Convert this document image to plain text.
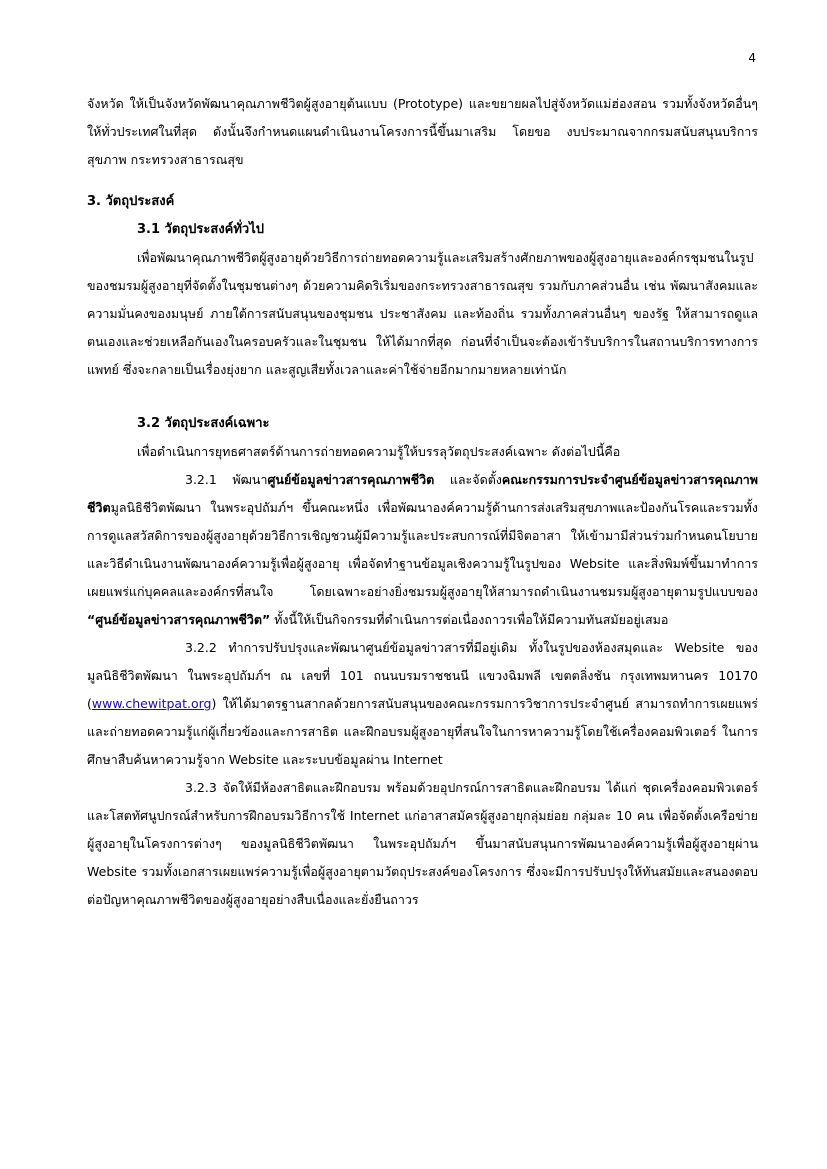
4

จังหวัด ให้เป็นจังหวัดพัฒนาคุณภาพชีวิตผู้สูงอายุต้นแบบ (Prototype) และขยายผลไปสู่จังหวัดแม่ฮ่องสอน รวมทั้งจังหวัดอื่นๆ ให้ทั่วประเทศในที่สุด ดังนั้นจึงกำหนดแผนดำเนินงานโครงการนี้ขึ้นมาเสริม โดยขอ งบประมาณจากกรมสนับสนุนบริการสุขภาพ กระทรวงสาธารณสุข

3. วัตถุประสงค์
3.1 วัตถุประสงค์ทั่วไป

เพื่อพัฒนาคุณภาพชีวิตผู้สูงอายุด้วยวิธีการถ่ายทอดความรู้และเสริมสร้างศักยภาพของผู้สูงอายุและองค์กรชุมชนในรูปของชมรมผู้สูงอายุที่จัดตั้งในชุมชนต่างๆ ด้วยความคิดริเริ่มของกระทรวงสาธารณสุข รวมกับภาคส่วนอื่น เช่น พัฒนาสังคมและความมั่นคงของมนุษย์ ภายใต้การสนับสนุนของชุมชน ประชาสังคม และท้องถิ่น รวมทั้งภาคส่วนอื่นๆ ของรัฐ ให้สามารถดูแลตนเองและช่วยเหลือกันเองในครอบครัวและในชุมชน ให้ได้มากที่สุด ก่อนที่จำเป็นจะต้องเข้ารับบริการในสถานบริการทางการแพทย์ ซึ่งจะกลายเป็นเรื่องยุ่งยาก และสูญเสียทั้งเวลาและค่าใช้จ่ายอีกมากมายหลายเท่านัก

3.2 วัตถุประสงค์เฉพาะ

เพื่อดำเนินการยุทธศาสตร์ด้านการถ่ายทอดความรู้ให้บรรลุวัตถุประสงค์เฉพาะ ดังต่อไปนี้คือ

3.2.1 พัฒนาศูนย์ข้อมูลข่าวสารคุณภาพชีวิต และจัดตั้งคณะกรรมการประจำศูนย์ข้อมูลข่าวสารคุณภาพชีวิตมูลนิธิชีวิตพัฒนา ในพระอุปถัมภ์ฯ ขึ้นคณะหนึ่ง เพื่อพัฒนาองค์ความรู้ด้านการส่งเสริมสุขภาพและป้องกันโรคและรวมทั้งการดูแลสวัสดิการของผู้สูงอายุด้วยวิธีการเชิญชวนผู้มีความรู้และประสบการณ์ที่มีจิตอาสา ให้เข้ามามีส่วนร่วมกำหนดนโยบายและวิธีดำเนินงานพัฒนาองค์ความรู้เพื่อผู้สูงอายุ เพื่อจัดทำฐานข้อมูลเชิงความรู้ในรูปของ Website และสิ่งพิมพ์ขึ้นมาทำการเผยแพร่แก่บุคคลและองค์กรที่สนใจ โดยเฉพาะอย่างยิ่งชมรมผู้สูงอายุให้สามารถดำเนินงานชมรมผู้สูงอายุตามรูปแบบของ “ศูนย์ข้อมูลข่าวสารคุณภาพชีวิต” ทั้งนี้ให้เป็นกิจกรรมที่ดำเนินการต่อเนื่องถาวรเพื่อให้มีความทันสมัยอยู่เสมอ

3.2.2 ทำการปรับปรุงและพัฒนาศูนย์ข้อมูลข่าวสารที่มีอยู่เดิม ทั้งในรูปของห้องสมุดและ Website ของมูลนิธิชีวิตพัฒนา ในพระอุปถัมภ์ฯ ณ เลขที่ 101 ถนนบรมราชชนนี แขวงฉิมพลี เขตตลิ่งชัน กรุงเทพมหานคร 10170 (www.chewitpat.org) ให้ได้มาตรฐานสากลด้วยการสนับสนุนของคณะกรรมการวิชาการประจำศูนย์ สามารถทำการเผยแพร่และถ่ายทอดความรู้แก่ผู้เกี่ยวข้องและการสาธิต และฝึกอบรมผู้สูงอายุที่สนใจในการหาความรู้โดยใช้เครื่องคอมพิวเตอร์ ในการศึกษาสืบค้นหาความรู้จาก Website และระบบข้อมูลผ่าน Internet

3.2.3 จัดให้มีห้องสาธิตและฝึกอบรม พร้อมด้วยอุปกรณ์การสาธิตและฝึกอบรม ได้แก่ ชุดเครื่องคอมพิวเตอร์และโสตทัศนูปกรณ์สำหรับการฝึกอบรมวิธีการใช้ Internet แก่อาสาสมัครผู้สูงอายุกลุ่มย่อย กลุ่มละ 10 คน เพื่อจัดตั้งเครือข่ายผู้สูงอายุในโครงการต่างๆ ของมูลนิธิชีวิตพัฒนา ในพระอุปถัมภ์ฯ ขึ้นมาสนับสนุนการพัฒนาองค์ความรู้เพื่อผู้สูงอายุผ่าน Website รวมทั้งเอกสารเผยแพร่ความรู้เพื่อผู้สูงอายุตามวัตถุประสงค์ของโครงการ ซึ่งจะมีการปรับปรุงให้ทันสมัยและสนองตอบต่อปัญหาคุณภาพชีวิตของผู้สูงอายุอย่างสืบเนื่องและยั่งยืนถาวร
